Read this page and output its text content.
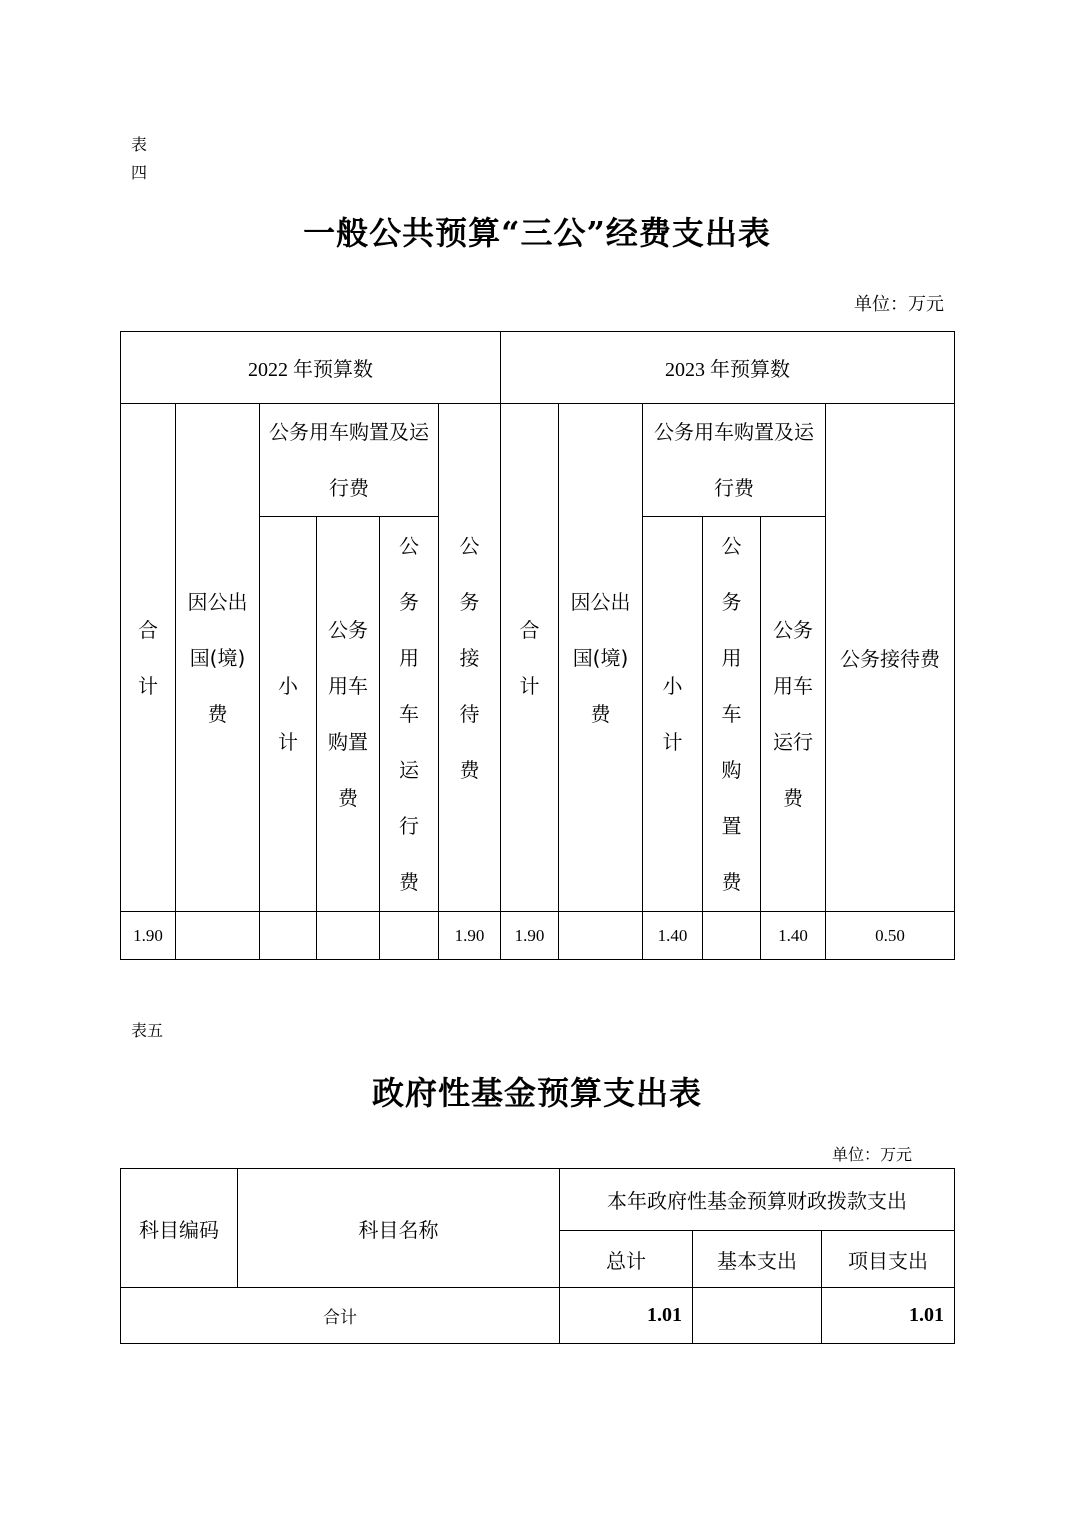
表四
一般公共预算“三公”经费支出表
单位：万元
2022 年预算数						2023 年预算数					

合计	因公出国(境)费	公务用车购置及运行费			公务接待费	合计	因公出国(境)费	公务用车购置及运行费			公务接待费

		小计	公务用车购置费	公务用车运行费				小计	公务用车购置费	公务用车运行费	

1.90					1.90	1.90		1.40		1.40	0.50
表五
政府性基金预算支出表
单位：万元
科目编码	科目名称	本年政府性基金预算财政拨款支出		
		总计	基本支出	项目支出
合计		1.01		1.01
